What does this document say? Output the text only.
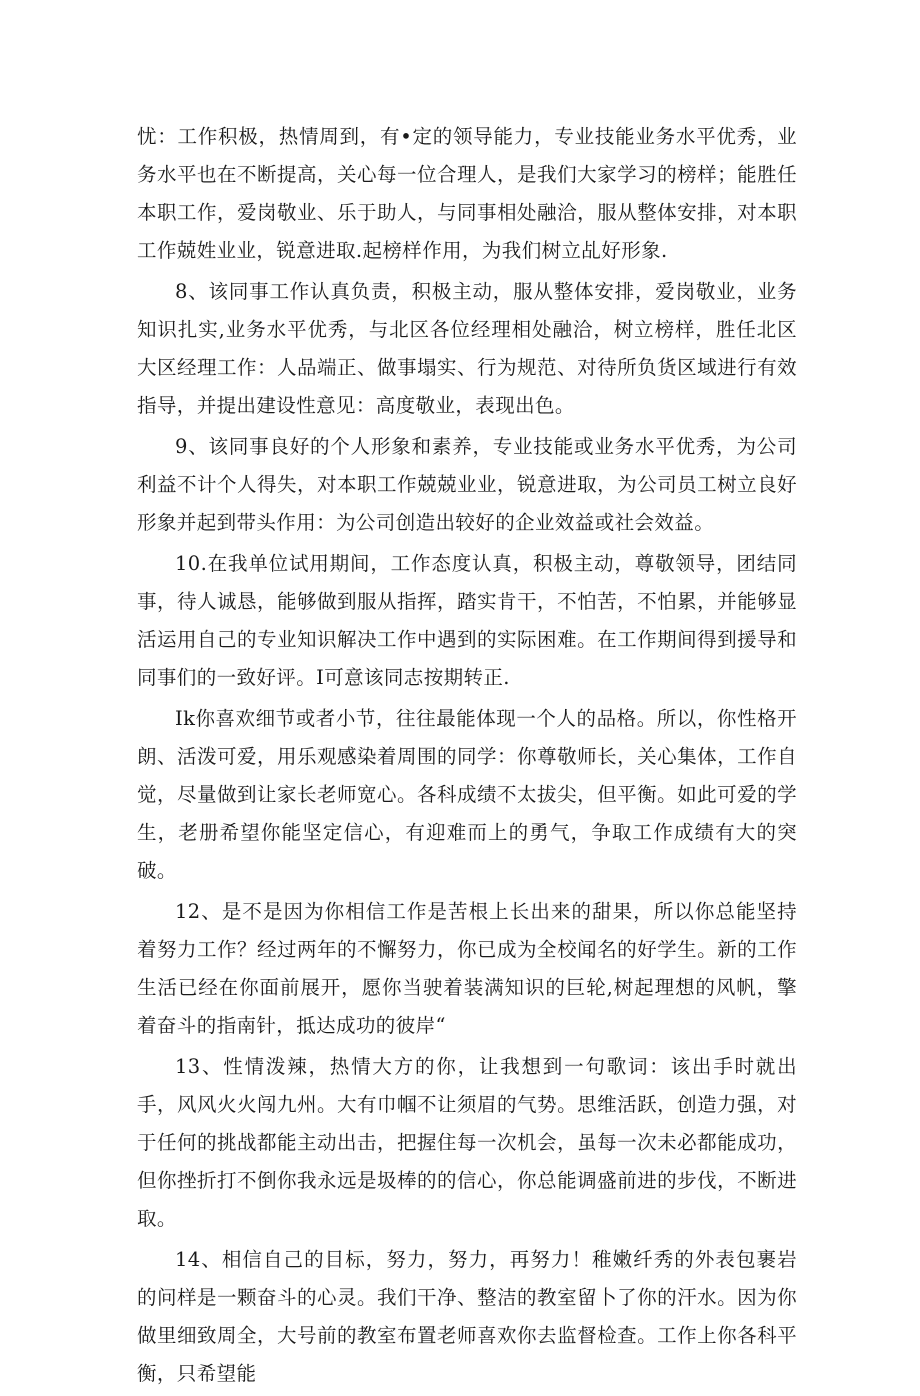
忧：工作积极，热情周到，有•定的领导能力，专业技能业务水平优秀，业务水平也在不断提高，关心每一位合理人，是我们大家学习的榜样；能胜任本职工作，爱岗敬业、乐于助人，与同事相处融洽，服从整体安排，对本职工作兢姓业业，锐意进取.起榜样作用，为我们树立乩好形象.

8、该同事工作认真负责，积极主动，服从整体安排，爱岗敬业，业务知识扎实,业务水平优秀，与北区各位经理相处融洽，树立榜样，胜任北区大区经理工作：人品端正、做事塌实、行为规范、对待所负货区域进行有效指导，并提出建设性意见：高度敬业，表现出色。

9、该同事良好的个人形象和素养，专业技能或业务水平优秀，为公司利益不计个人得失，对本职工作兢兢业业，锐意进取，为公司员工树立良好形象并起到带头作用：为公司创造出较好的企业效益或社会效益。

10.在我单位试用期间，工作态度认真，积极主动，尊敬领导，团结同事，待人诚恳，能够做到服从指挥，踏实肯干，不怕苦，不怕累，并能够显活运用自己的专业知识解决工作中遇到的实际困难。在工作期间得到援导和同事们的一致好评。I可意该同志按期转正.

Ik你喜欢细节或者小节，往往最能体现一个人的品格。所以，你性格开朗、活泼可爱，用乐观感染着周围的同学：你尊敬师长，关心集体，工作自觉，尽量做到让家长老师宽心。各科成绩不太拔尖，但平衡。如此可爱的学生，老册希望你能坚定信心，有迎难而上的勇气，争取工作成绩有大的突破。

12、是不是因为你相信工作是苦根上长出来的甜果，所以你总能坚持着努力工作？经过两年的不懈努力，你已成为全校闻名的好学生。新的工作生活已经在你面前展开，愿你当驶着装满知识的巨轮,树起理想的风帆，擎着奋斗的指南针，抵达成功的彼岸“

13、性情泼辣，热情大方的你，让我想到一句歌词：该出手时就出手，风风火火闯九州。大有巾帼不让须眉的气势。思维活跃，创造力强，对于任何的挑战都能主动出击，把握住每一次机会，虽每一次未必都能成功，但你挫折打不倒你我永远是圾棒的的信心，你总能调盛前进的步伐，不断进取。

14、相信自己的目标，努力，努力，再努力！稚嫩纤秀的外表包裹岩的问样是一颗奋斗的心灵。我们干净、整洁的教室留卜了你的汗水。因为你做里细致周全，大号前的教室布置老师喜欢你去监督检查。工作上你各科平衡，只希望能
